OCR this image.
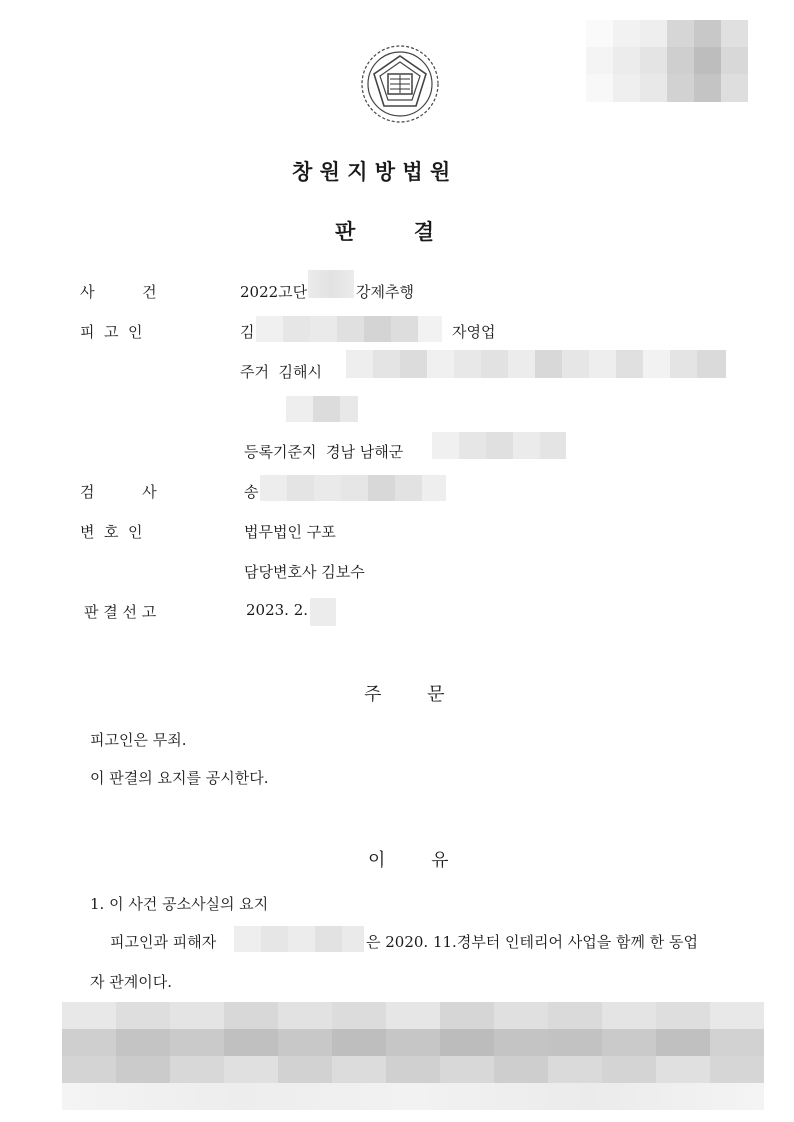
창 원 지 방 법 원
판        결
사          건	2022고단	강제추행
피  고  인	김	자영업
주거  김해시
등록기준지  경남 남해군
검          사	송
변  호  인	법무법인 구포
담당변호사 김보수
판 결 선 고	2023. 2.
주        문
피고인은 무죄.
이 판결의 요지를 공시한다.
이        유
1. 이 사건 공소사실의 요지
피고인과 피해자	은 2020. 11.경부터 인테리어 사업을 함께 한 동업
자 관계이다.
